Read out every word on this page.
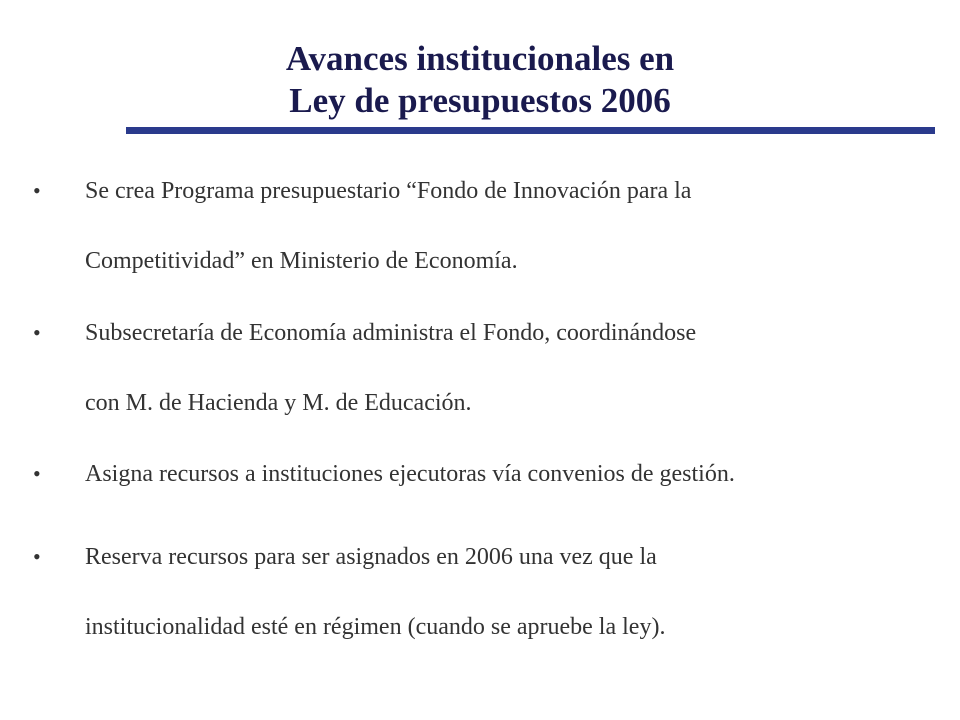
Avances institucionales en
Ley de presupuestos 2006
• Se crea Programa presupuestario “Fondo de Innovación para la
Competitividad” en Ministerio de Economía.
• Subsecretaría de Economía administra el Fondo, coordinándose
con M. de Hacienda y M. de Educación.
• Asigna recursos a instituciones ejecutoras vía convenios de gestión.
• Reserva recursos para ser asignados en 2006 una vez que la
institucionalidad esté en régimen (cuando se apruebe la ley).
